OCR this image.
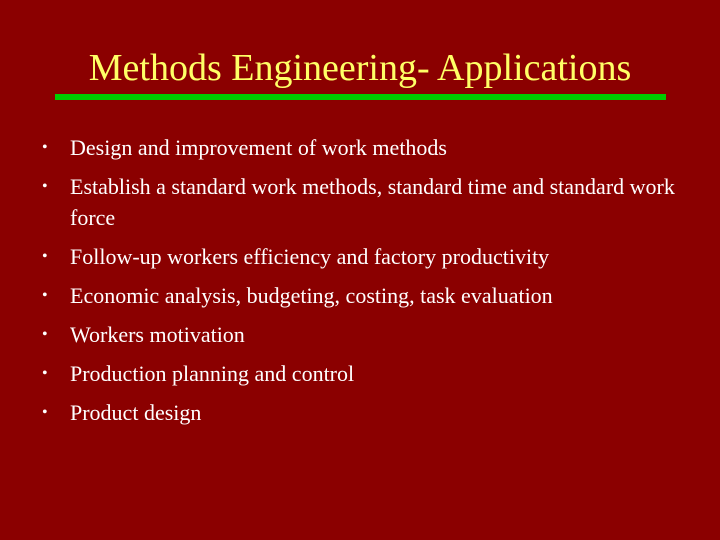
Methods Engineering- Applications
• Design and improvement of work methods
• Establish a standard work methods, standard time and standard work force
• Follow-up workers efficiency and factory productivity
• Economic analysis, budgeting, costing, task evaluation
• Workers motivation
• Production planning and control
• Product design
